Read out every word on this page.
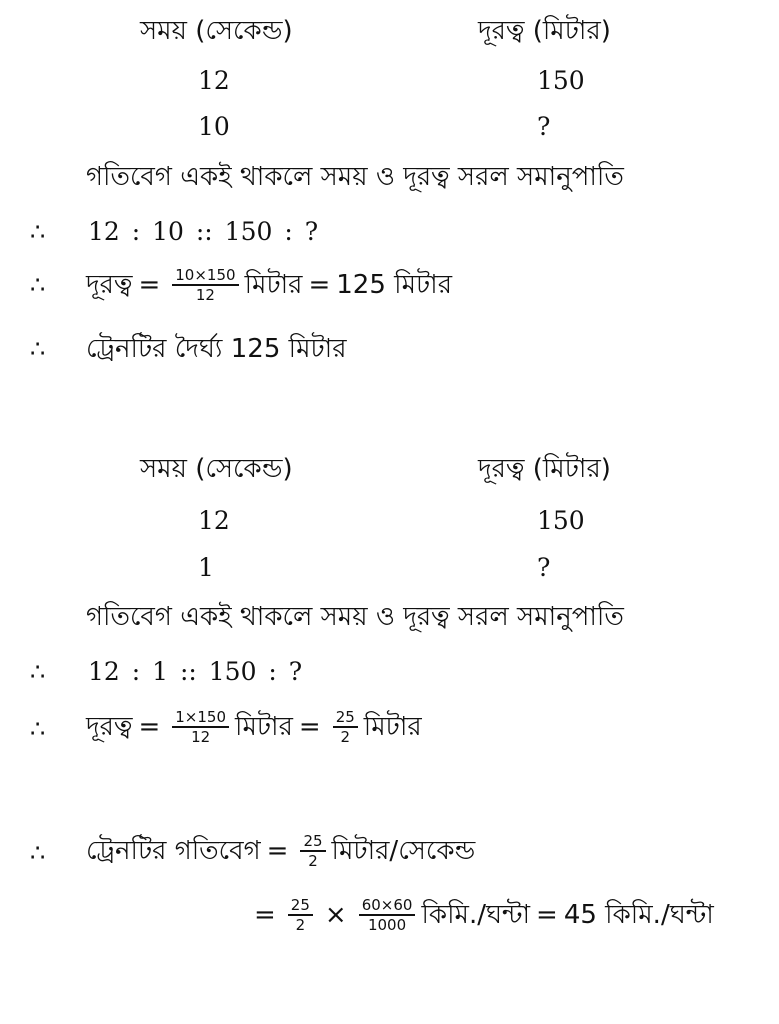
সময় (সেকেন্ড)	দূরত্ব (মিটার)
12	150
10	?
গতিবেগ একই থাকলে সময় ও দূরত্ব সরল সমানুপাতি
∴ 12 : 10 :: 150 : ?
∴ দূরত্ব = $\frac{10\times 150}{12}$ মিটার = 125 মিটার
∴ ট্রেনটির দৈর্ঘ্য 125 মিটার
সময় (সেকেন্ড)	দূরত্ব (মিটার)
12	150
1	?
গতিবেগ একই থাকলে সময় ও দূরত্ব সরল সমানুপাতি
∴ 12 : 1 :: 150 : ?
∴ দূরত্ব = $\frac{1\times 150}{12}$ মিটার = $\frac{25}{2}$ মিটার
∴ ট্রেনটির গতিবেগ = $\frac{25}{2}$ মিটার/সেকেন্ড
= $\frac{25}{2} \times \frac{60\times 60}{1000}$ কিমি./ঘন্টা = 45 কিমি./ঘন্টা
